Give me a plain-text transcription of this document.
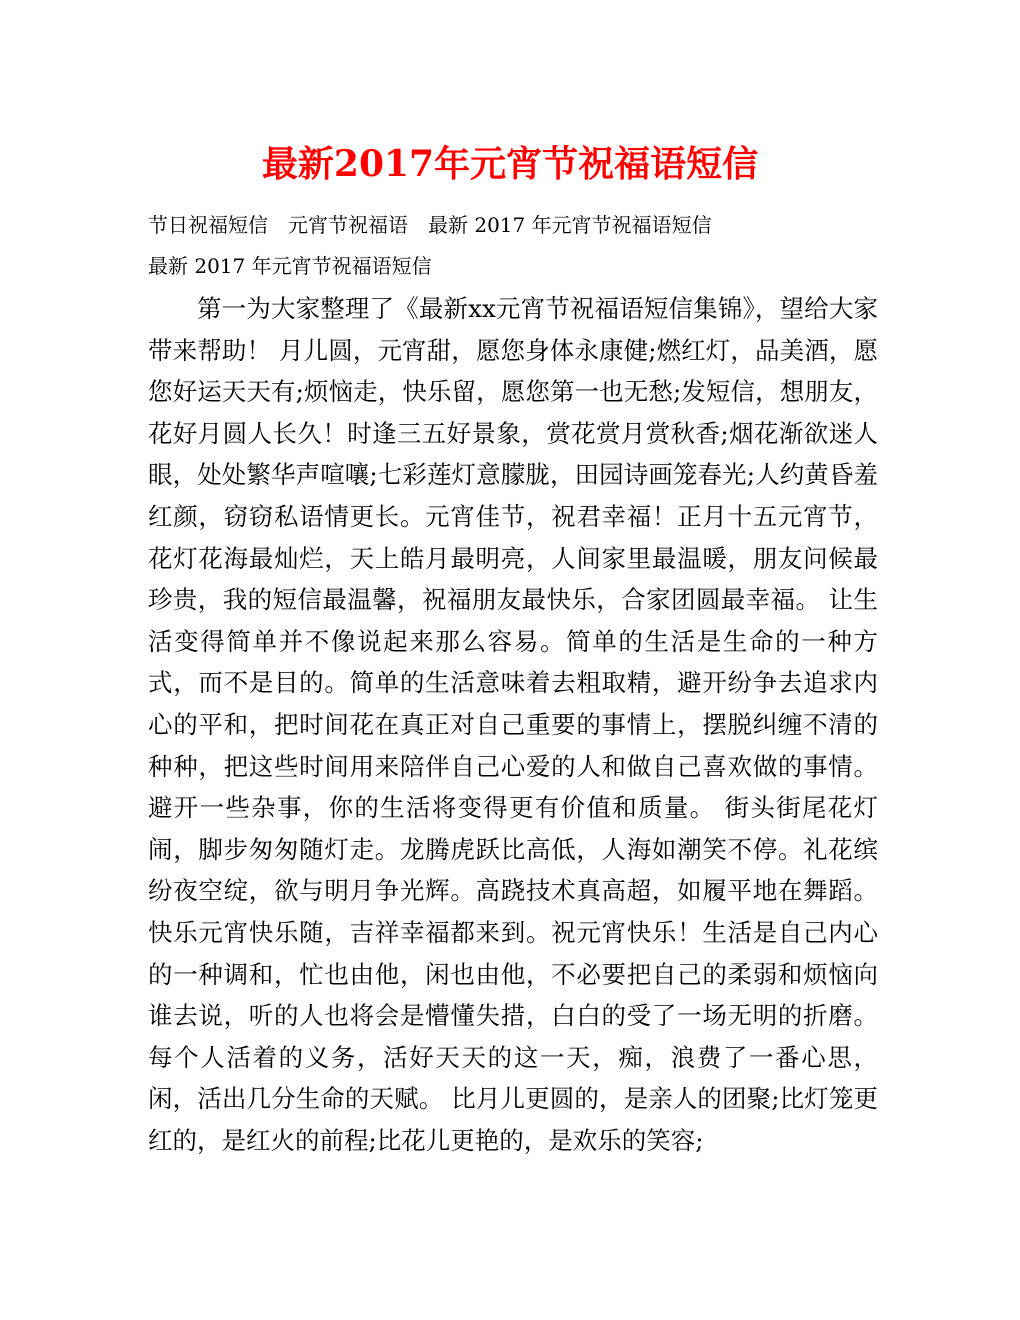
最新2017年元宵节祝福语短信
节日祝福短信　元宵节祝福语　最新 2017 年元宵节祝福语短信
最新 2017 年元宵节祝福语短信

第一为大家整理了《最新xx元宵节祝福语短信集锦》，望给大家带来帮助！ 月儿圆，元宵甜，愿您身体永康健;燃红灯，品美酒，愿您好运天天有;烦恼走，快乐留，愿您第一也无愁;发短信，想朋友，花好月圆人长久！时逢三五好景象，赏花赏月赏秋香;烟花渐欲迷人眼，处处繁华声喧嚷;七彩莲灯意朦胧，田园诗画笼春光;人约黄昏羞红颜，窃窃私语情更长。元宵佳节，祝君幸福！正月十五元宵节，花灯花海最灿烂，天上皓月最明亮，人间家里最温暖，朋友问候最珍贵，我的短信最温馨，祝福朋友最快乐，合家团圆最幸福。 让生活变得简单并不像说起来那么容易。简单的生活是生命的一种方式，而不是目的。简单的生活意味着去粗取精，避开纷争去追求内心的平和，把时间花在真正对自己重要的事情上，摆脱纠缠不清的种种，把这些时间用来陪伴自己心爱的人和做自己喜欢做的事情。避开一些杂事，你的生活将变得更有价值和质量。 街头街尾花灯闹，脚步匆匆随灯走。龙腾虎跃比高低，人海如潮笑不停。礼花缤纷夜空绽，欲与明月争光辉。高跷技术真高超，如履平地在舞蹈。快乐元宵快乐随，吉祥幸福都来到。祝元宵快乐！生活是自己内心的一种调和，忙也由他，闲也由他，不必要把自己的柔弱和烦恼向谁去说，听的人也将会是懵懂失措，白白的受了一场无明的折磨。每个人活着的义务，活好天天的这一天，痴，浪费了一番心思，闲，活出几分生命的天赋。 比月儿更圆的，是亲人的团聚;比灯笼更红的，是红火的前程;比花儿更艳的，是欢乐的笑容;
